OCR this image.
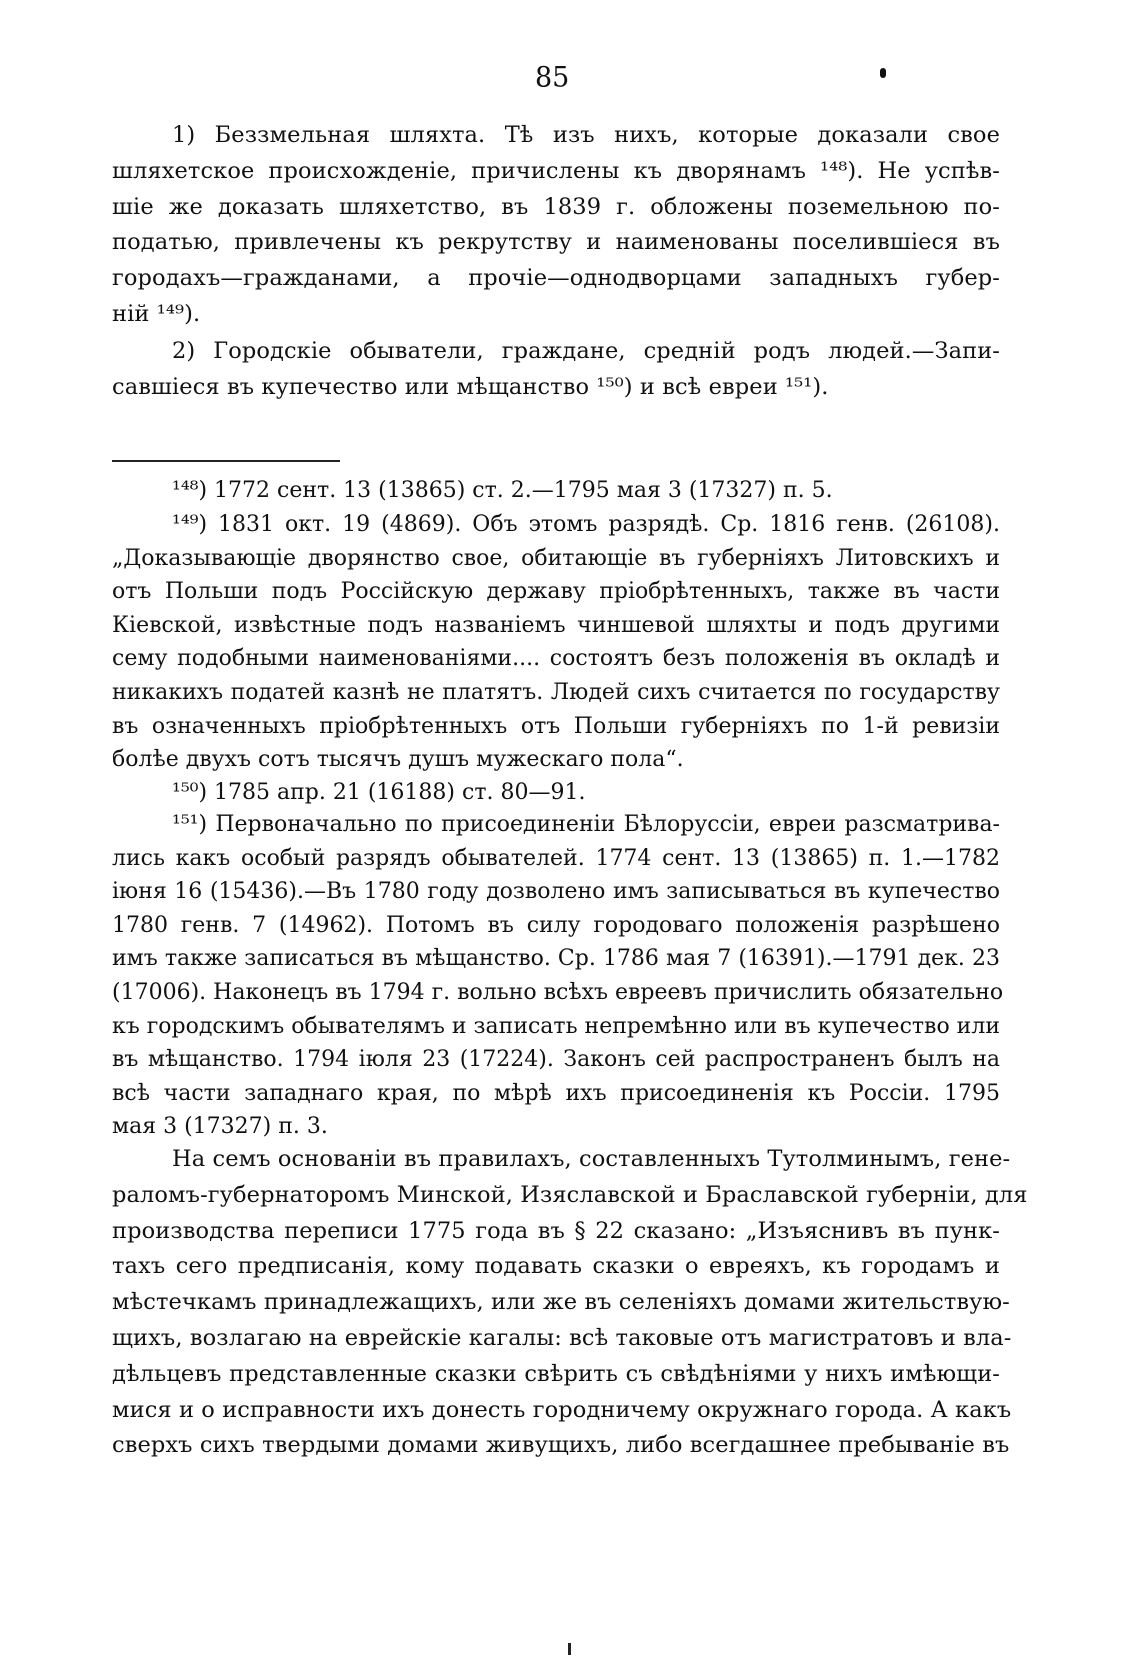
85
1) Беззмельная шляхта. Тѣ изъ нихъ, которые доказали свое
шляхетское происхожденіе, причислены къ дворянамъ ¹⁴⁸). Не успѣв-
шіе же доказать шляхетство, въ 1839 г. обложены поземельною по-
податью, привлечены къ рекрутству и наименованы поселившіеся въ
городахъ—гражданами, а прочіе—однодворцами западныхъ губер-
ній ¹⁴⁹).
2) Городскіе обыватели, граждане, средній родъ людей.—Запи-
савшіеся въ купечество или мѣщанство ¹⁵⁰) и всѣ евреи ¹⁵¹).
¹⁴⁸) 1772 сент. 13 (13865) ст. 2.—1795 мая 3 (17327) п. 5.
¹⁴⁹) 1831 окт. 19 (4869). Объ этомъ разрядѣ. Ср. 1816 генв. (26108).
„Доказывающіе дворянство свое, обитающіе въ губерніяхъ Литовскихъ и
отъ Польши подъ Россійскую державу пріобрѣтенныхъ, также въ части
Кіевской, извѣстные подъ названіемъ чиншевой шляхты и подъ другими
сему подобными наименованіями.... состоятъ безъ положенія въ окладѣ и
никакихъ податей казнѣ не платятъ. Людей сихъ считается по государству
въ означенныхъ пріобрѣтенныхъ отъ Польши губерніяхъ по 1-й ревизіи
болѣе двухъ сотъ тысячъ душъ мужескаго пола“.
¹⁵⁰) 1785 апр. 21 (16188) ст. 80—91.
¹⁵¹) Первоначально по присоединеніи Бѣлоруссіи, евреи разсматрива-
лись какъ особый разрядъ обывателей. 1774 сент. 13 (13865) п. 1.—1782
іюня 16 (15436).—Въ 1780 году дозволено имъ записываться въ купечество
1780 генв. 7 (14962). Потомъ въ силу городоваго положенія разрѣшено
имъ также записаться въ мѣщанство. Ср. 1786 мая 7 (16391).—1791 дек. 23
(17006). Наконецъ въ 1794 г. вольно всѣхъ евреевъ причислить обязательно
къ городскимъ обывателямъ и записать непремѣнно или въ купечество или
въ мѣщанство. 1794 іюля 23 (17224). Законъ сей распространенъ былъ на
всѣ части западнаго края, по мѣрѣ ихъ присоединенія къ Россіи. 1795
мая 3 (17327) п. 3.
На семъ основаніи въ правилахъ, составленныхъ Тутолминымъ, гене-
раломъ-губернаторомъ Минской, Изяславской и Браславской губерніи, для
производства переписи 1775 года въ § 22 сказано: „Изъяснивъ въ пунк-
тахъ сего предписанія, кому подавать сказки о евреяхъ, къ городамъ и
мѣстечкамъ принадлежащихъ, или же въ селеніяхъ домами жительствую-
щихъ, возлагаю на еврейскіе кагалы: всѣ таковые отъ магистратовъ и вла-
дѣльцевъ представленные сказки свѣрить съ свѣдѣніями у нихъ имѣющи-
мися и о исправности ихъ донесть городничему окружнаго города. А какъ
сверхъ сихъ твердыми домами живущихъ, либо всегдашнее пребываніе въ
